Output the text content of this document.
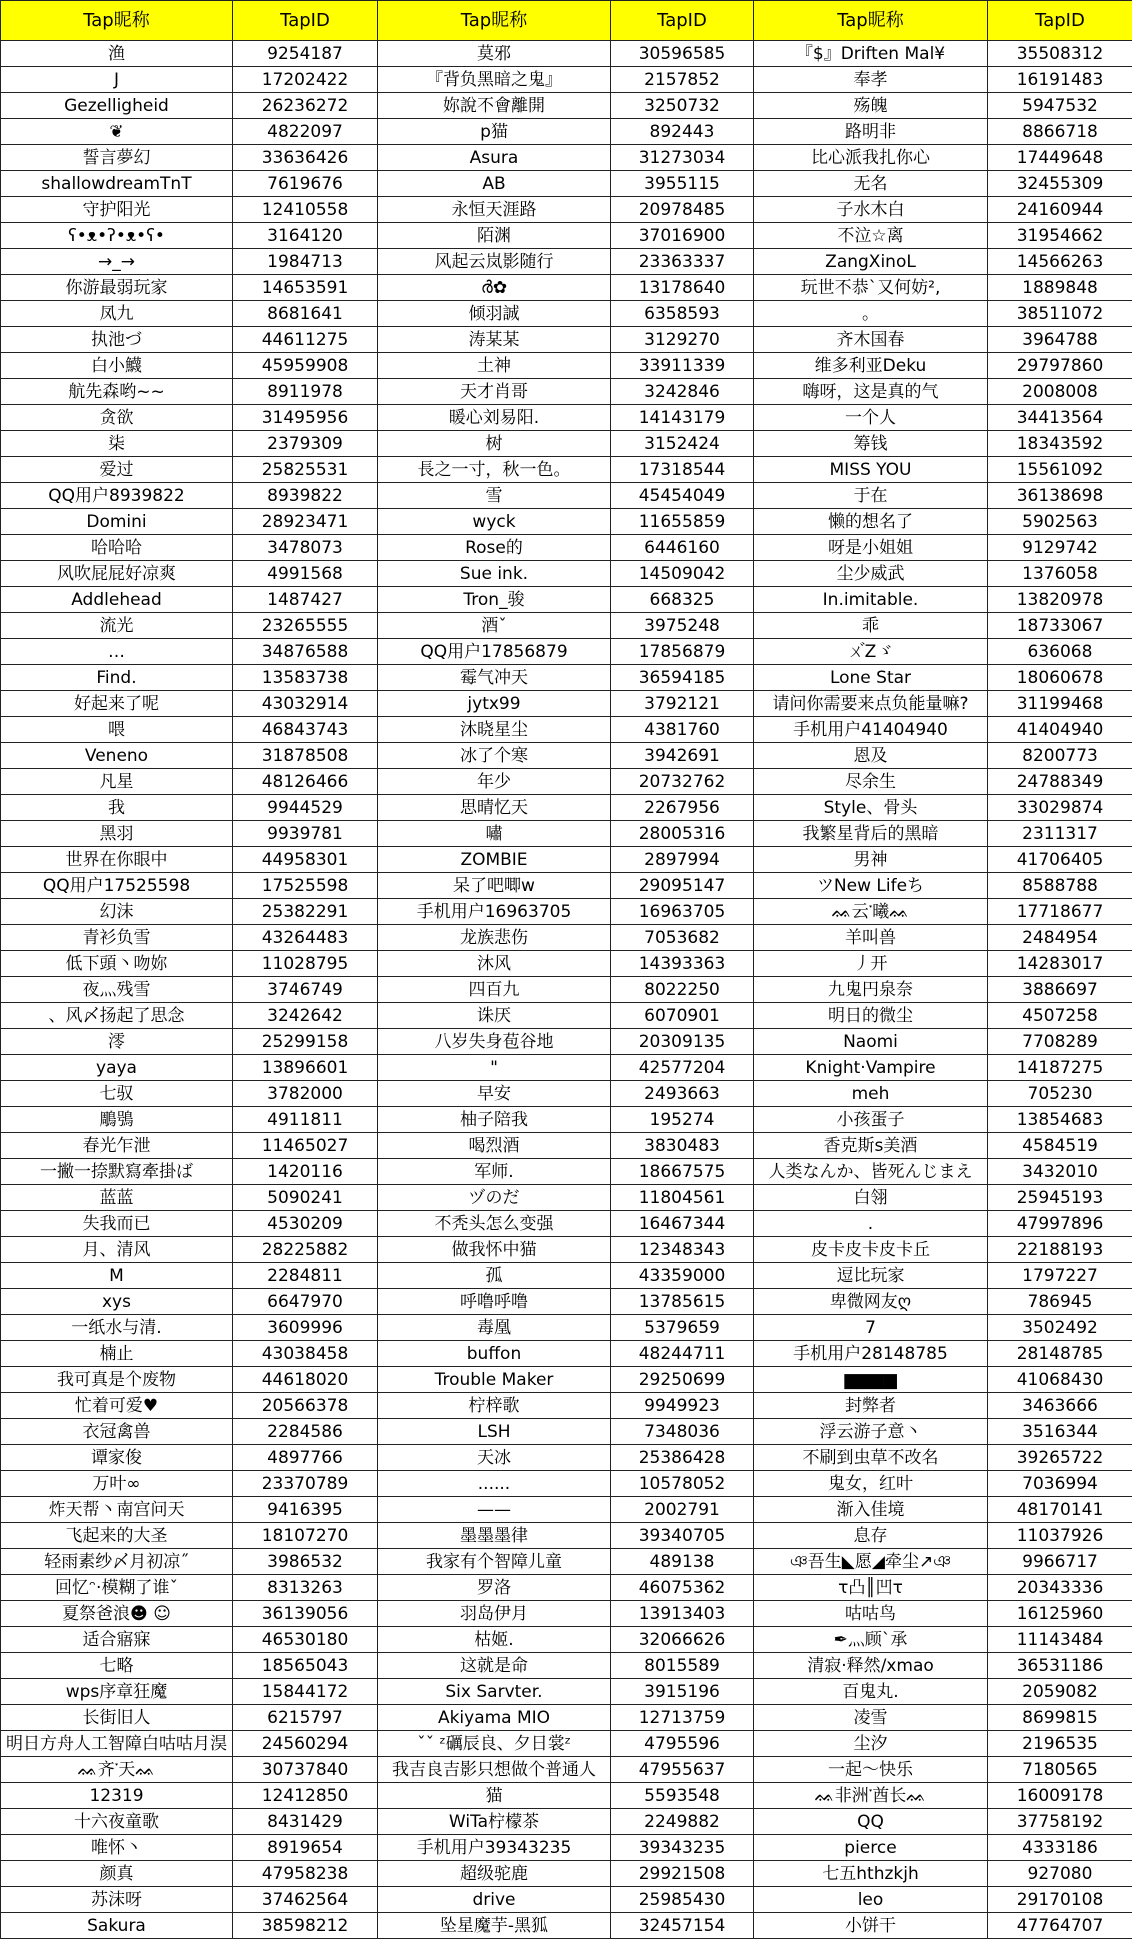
Tap昵称	TapID	Tap昵称	TapID	Tap昵称	TapID
渔	9254187	莫邪	30596585	『$』Driften Mal¥	35508312
J	17202422	『背负黑暗之鬼』	2157852	奉孝	16191483
Gezelligheid	26236272	妳說不會離開	3250732	殇魄	5947532
❦	4822097	p猫	892443	路明非	8866718
誓言夢幻	33636426	Asura	31273034	比心派我扎你心	17449648
shallowdreamTnT	7619676	AB	3955115	无名	32455309
守护阳光	12410558	永恒天涯路	20978485	子水木白	24160944
ʕ•ᴥ•ʔ•ᴥ•ʕ•	3164120	陌渊	37016900	不泣☆离	31954662
→_→	1984713	风起云岚影随行	23363337	ZangXinoL	14566263
你游最弱玩家	14653591	ര്‍✿	13178640	玩世不恭ˋ又何妨²,	1889848
凤九	8681641	倾羽誠	6358593	。	38511072
执池づ	44611275	涛某某	3129270	齐木国春	3964788
白小鱴	45959908	土神	33911339	维多利亚Deku	29797860
航先森哟~~	8911978	天才肖哥	3242846	嗨呀，这是真的气	2008008
贪欲	31495956	暖心刘易阳.	14143179	一个人	34413564
柒	2379309	树	3152424	筹钱	18343592
爱过	25825531	長之一寸，秋一色。	17318544	MISS YOU	15561092
QQ用户8939822	8939822	雪	45454049	于在	36138698
Domini	28923471	wyck	11655859	懒的想名了	5902563
哈哈哈	3478073	Rose的	6446160	呀是小姐姐	9129742
风吹屁屁好凉爽	4991568	Sue ink.	14509042	尘少威武	1376058
Addlehead	1487427	Tron_骏	668325	In.imitable.	13820978
流光	23265555	酒ˇ	3975248	乖	18733067
…	34876588	QQ用户17856879	17856879	ㄨ゙Zゞ	636068
Find.	13583738	霉气冲天	36594185	Lone Star	18060678
好起来了呢	43032914	jytx99	3792121	请问你需要来点负能量嘛?	31199468
喂	46843743	沐晓星尘	4381760	手机用户41404940	41404940
Veneno	31878508	冰了个寒	3942691	恩及	8200773
凡星	48126466	年少	20732762	尽余生	24788349
我	9944529	思晴忆天	2267956	Style、骨头	33029874
黑羽	9939781	嘯	28005316	我繁星背后的黑暗	2311317
世界在你眼中	44958301	ZOMBIE	2897994	男神	41706405
QQ用户17525598	17525598	呆了吧唧w	29095147	ツNew Lifeち	8588788
幻沫	25382291	手机用户16963705	16963705	ᨐ云་曦ᨐ	17718677
青衫负雪	43264483	龙族悲伤	7053682	羊叫兽	2484954
低下頭丶吻妳	11028795	沐风	14393363	丿开	14283017
夜灬残雪	3746749	四百九	8022250	九鬼円泉奈	3886697
、风〆扬起了思念	3242642	诛厌	6070901	明日的微尘	4507258
澪	25299158	八岁失身苞谷地	20309135	Naomi	7708289
yaya	13896601	"	42577204	Knight·Vampire	14187275
七驭	3782000	早安	2493663	meh	705230
鵰鴞	4911811	柚子陪我	195274	小孩蛋子	13854683
春光乍泄	11465027	喝烈酒	3830483	香克斯s美酒	4584519
一撇一捺默寫牽掛ば	1420116	军师.	18667575	人类なんか、皆死んじまえ	3432010
蓝蓝	5090241	ヅのだ	11804561	白翎	25945193
失我而已	4530209	不秃头怎么变强	16467344	.	47997896
月、清风	28225882	做我怀中猫	12348343	皮卡皮卡皮卡丘	22188193
M	2284811	孤	43359000	逗比玩家	1797227
xys	6647970	呼噜呼噜	13785615	卑微网友ღ	786945
一纸水与清.	3609996	毒凰	5379659	7	3502492
楠止	43038458	buffon	48244711	手机用户28148785	28148785
我可真是个废物	44618020	Trouble Maker	29250699	▆▆▆▆	41068430
忙着可爱♥	20566378	柠梓歌	9949923	封弊者	3463666
衣冠禽兽	2284586	LSH	7348036	浮云游子意丶	3516344
谭家俊	4897766	天冰	25386428	不刷到虫草不改名	39265722
万叶∞	23370789	......	10578052	鬼女，红叶	7036994
炸天帮丶南宫问天	9416395	——	2002791	渐入佳境	48170141
飞起来的大圣	18107270	墨墨墨律	39340705	息存	11037926
轻雨素纱〆月初凉˝	3986532	我家有个智障儿童	489138	ঞ吾生◣愿◢牵尘↗ঞ	9966717
回忆ᵔ·模糊了谁ˇ	8313263	罗洛	46075362	τ凸║凹τ	20343336
夏祭爸浪☻ ☺	36139056	羽岛伊月	13913403	咕咕鸟	16125960
适合寤寐	46530180	枯姬.	32066626	✒灬顾ˋ承	11143484
七略	18565043	这就是命	8015589	清寂·释然/xmao	36531186
wps序章狂魔	15844172	Six Sarvter.	3915196	百鬼丸.	2059082
长街旧人	6215797	Akiyama MIO	12713759	凌雪	8699815
明日方舟人工智障白咕咕月淏	24560294	ˇˇ ᶻ礪辰良、夕日裳ᶻ	4795596	尘汐	2196535
ᨐ齐་天ᨐ	30737840	我吉良吉影只想做个普通人	47955637	一起～快乐	7180565
12319	12412850	猫	5593548	ᨐ非洲་酋长ᨐ	16009178
十六夜童歌	8431429	WiTa柠檬茶	2249882	QQ	37758192
唯怀丶	8919654	手机用户39343235	39343235	pierce	4333186
颜真	47958238	超级驼鹿	29921508	七五hthzkjh	927080
苏沫呀	37462564	drive	25985430	leo	29170108
Sakura	38598212	坠星魔芋-黑狐	32457154	小饼干	47764707
